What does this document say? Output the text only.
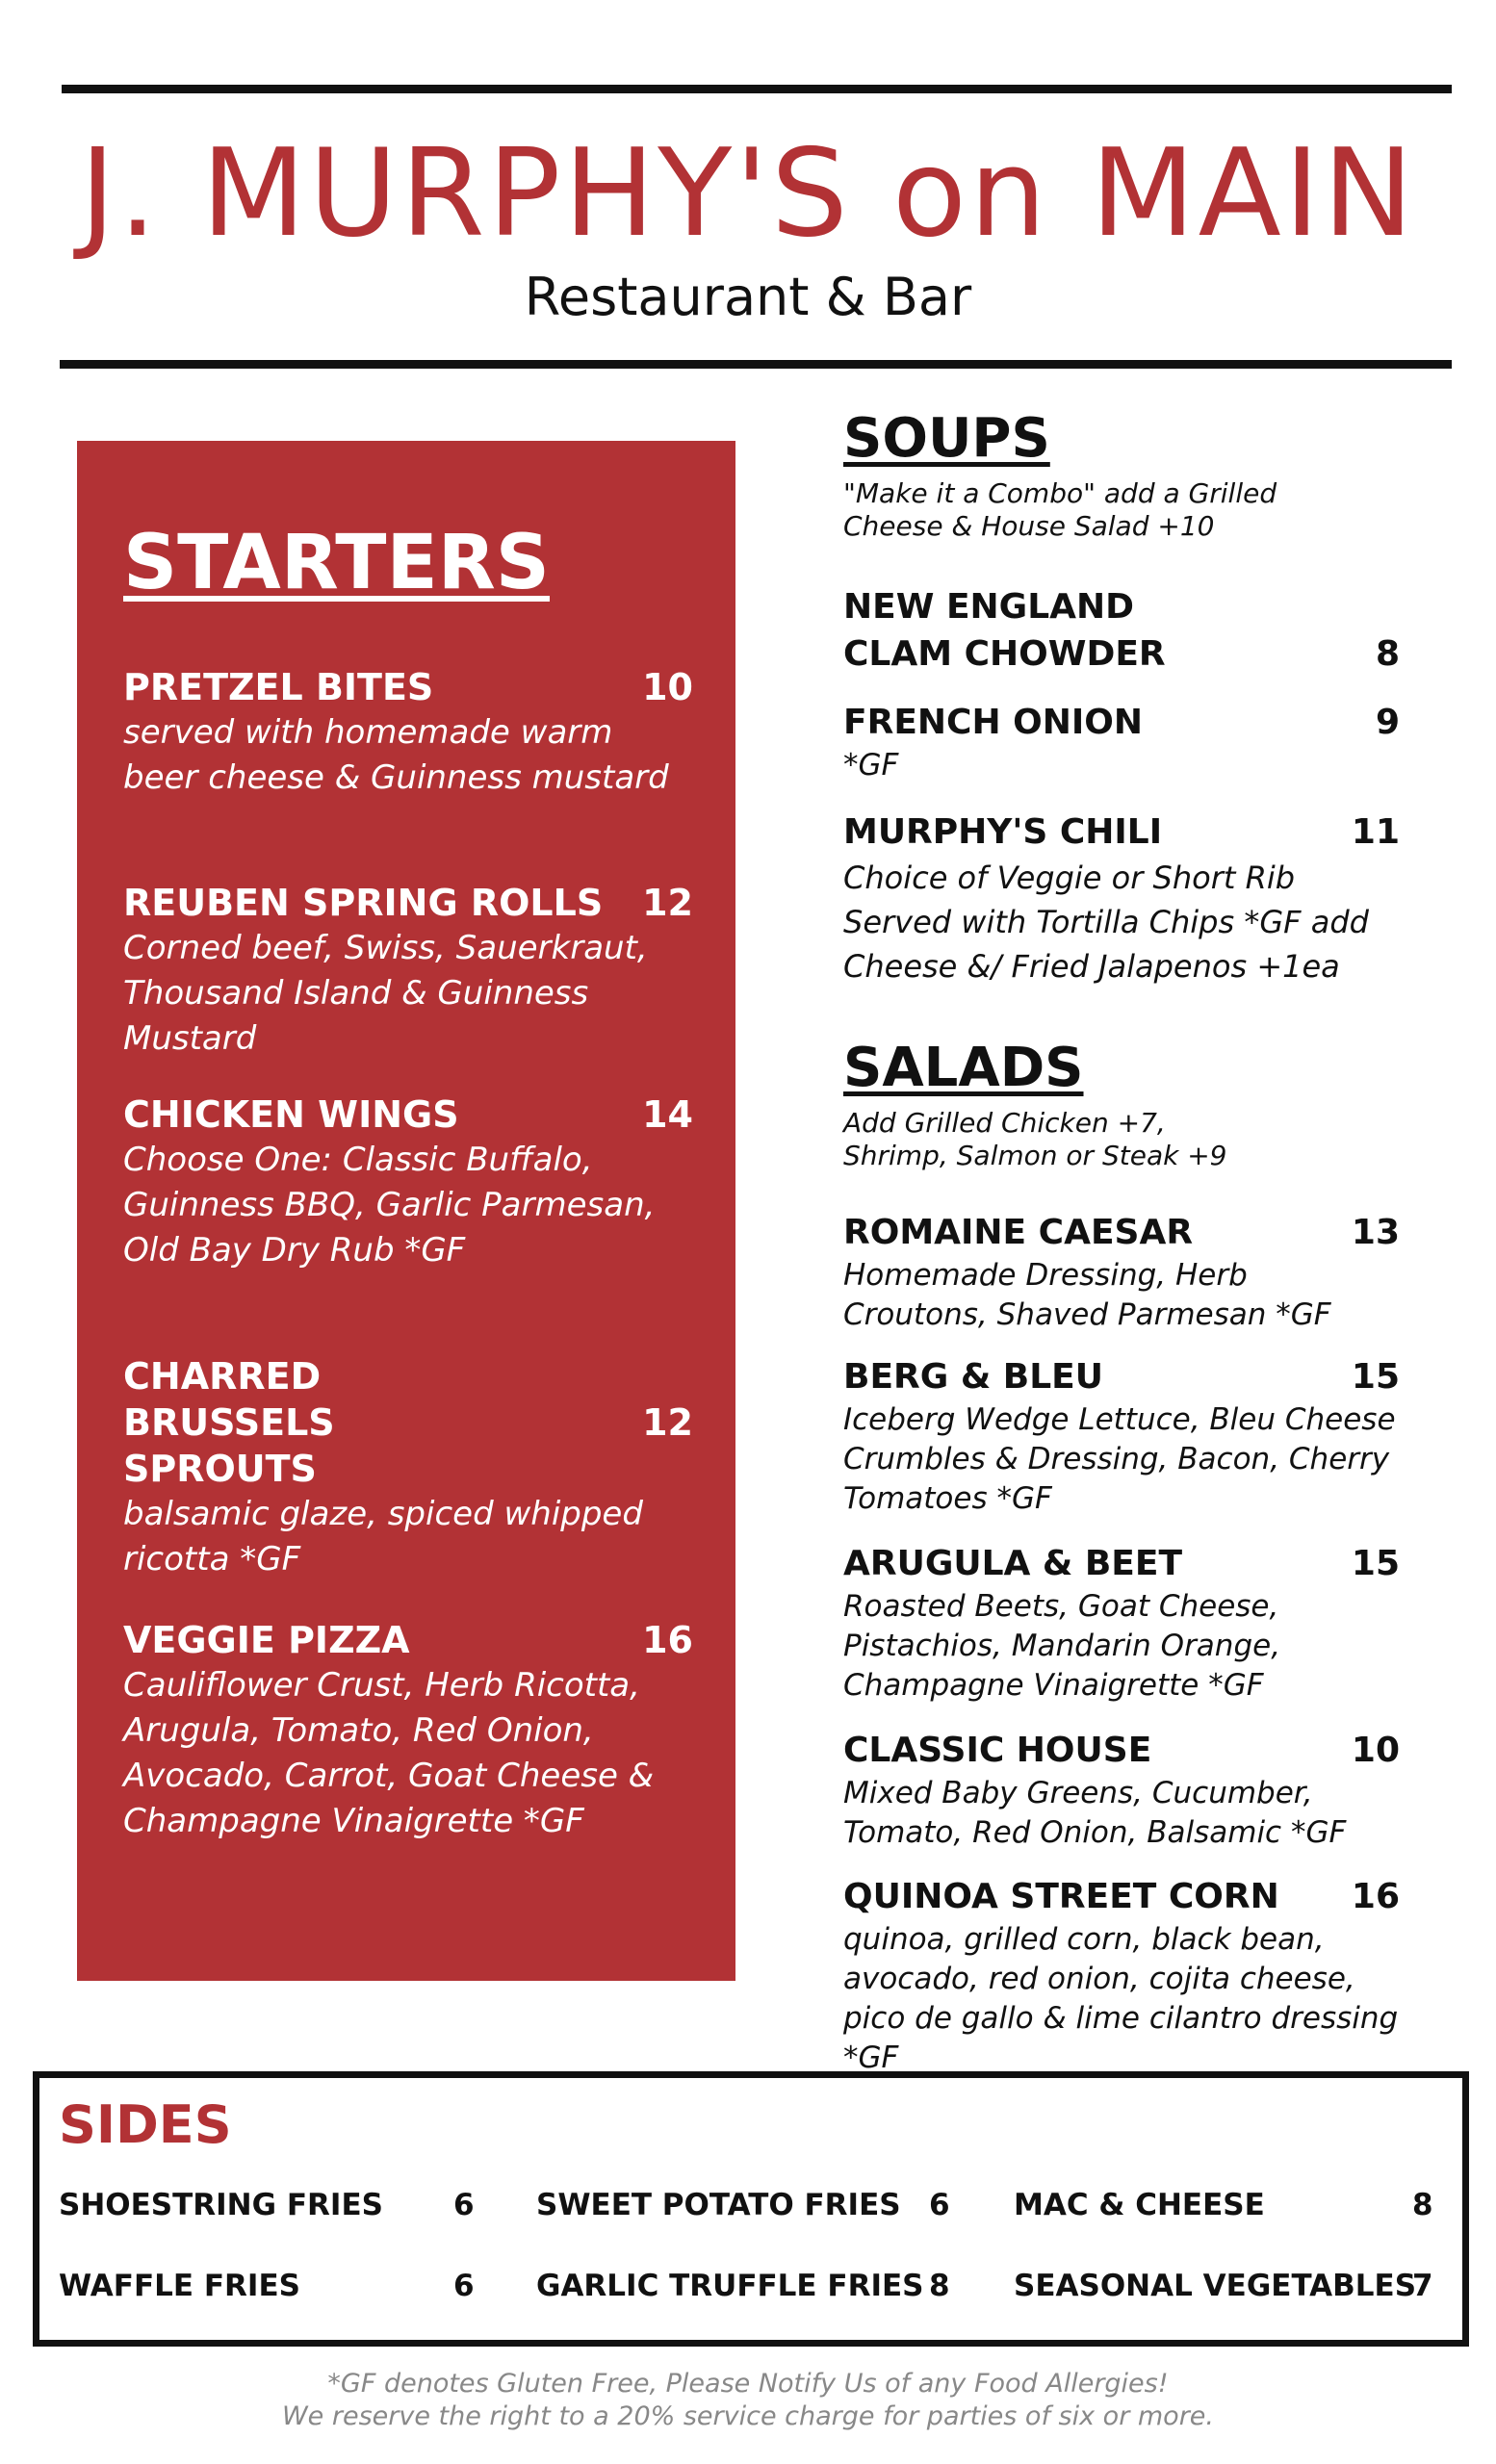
J. MURPHY'S on MAIN
Restaurant & Bar
STARTERS
10
PRETZEL BITES
served with homemade warm beer cheese & Guinness mustard
12
REUBEN SPRING ROLLS
Corned beef, Swiss, Sauerkraut, Thousand Island & Guinness Mustard
14
CHICKEN WINGS
Choose One: Classic Buffalo, Guinness BBQ, Garlic Parmesan, Old Bay Dry Rub *GF
12
CHARRED BRUSSELS SPROUTS
balsamic glaze, spiced whipped ricotta *GF
16
VEGGIE PIZZA
Cauliflower Crust, Herb Ricotta, Arugula, Tomato, Red Onion, Avocado, Carrot, Goat Cheese & Champagne Vinaigrette *GF
SOUPS
"Make it a Combo" add a Grilled Cheese & House Salad +10
8
NEW ENGLAND CLAM CHOWDER
9
FRENCH ONION
*GF
11
MURPHY'S CHILI
Choice of Veggie or Short Rib Served with Tortilla Chips *GF add Cheese &/ Fried Jalapenos +1ea
SALADS
Add Grilled Chicken +7, Shrimp, Salmon or Steak +9
13
ROMAINE CAESAR
Homemade Dressing, Herb Croutons, Shaved Parmesan *GF
15
BERG & BLEU
Iceberg Wedge Lettuce, Bleu Cheese Crumbles & Dressing, Bacon, Cherry Tomatoes *GF
15
ARUGULA & BEET
Roasted Beets, Goat Cheese, Pistachios, Mandarin Orange, Champagne Vinaigrette *GF
10
CLASSIC HOUSE
Mixed Baby Greens, Cucumber, Tomato, Red Onion, Balsamic *GF
16
QUINOA STREET CORN
quinoa, grilled corn, black bean, avocado, red onion, cojita cheese, pico de gallo & lime cilantro dressing *GF
SIDES
SHOESTRING FRIES 6 SWEET POTATO FRIES 6 MAC & CHEESE	8
WAFFLE FRIES	6 GARLIC TRUFFLE FRIES 8 SEASONAL VEGETABLES
7
*GF denotes Gluten Free, Please Notify Us of any Food Allergies!
We reserve the right to a 20% service charge for parties of six or more.
